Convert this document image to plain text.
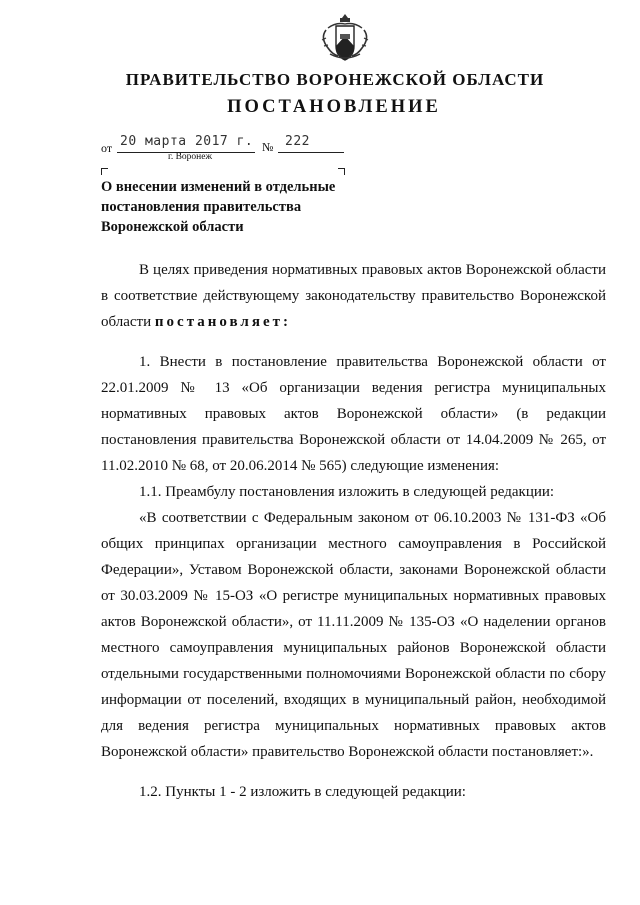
ПРАВИТЕЛЬСТВО ВОРОНЕЖСКОЙ ОБЛАСТИ
ПОСТАНОВЛЕНИЕ
от 20 марта 2017 г. № 222
г. Воронеж
О внесении изменений в отдельные
постановления правительства
Воронежской области

В целях приведения нормативных правовых актов Воронежской области в соответствие действующему законодательству правительство Воронежской области постановляет:

1. Внести в постановление правительства Воронежской области от 22.01.2009 № 13 «Об организации ведения регистра муниципальных нормативных правовых актов Воронежской области» (в редакции постановления правительства Воронежской области от 14.04.2009 № 265, от 11.02.2010 № 68, от 20.06.2014 № 565) следующие изменения:

1.1. Преамбулу постановления изложить в следующей редакции:

«В соответствии с Федеральным законом от 06.10.2003 № 131-ФЗ «Об общих принципах организации местного самоуправления в Российской Федерации», Уставом Воронежской области, законами Воронежской области от 30.03.2009 № 15-ОЗ «О регистре муниципальных нормативных правовых актов Воронежской области», от 11.11.2009 № 135-ОЗ «О наделении органов местного самоуправления муниципальных районов Воронежской области отдельными государственными полномочиями Воронежской области по сбору информации от поселений, входящих в муниципальный район, необходимой для ведения регистра муниципальных нормативных правовых актов Воронежской области» правительство Воронежской области постановляет:».

1.2. Пункты 1 - 2 изложить в следующей редакции:
